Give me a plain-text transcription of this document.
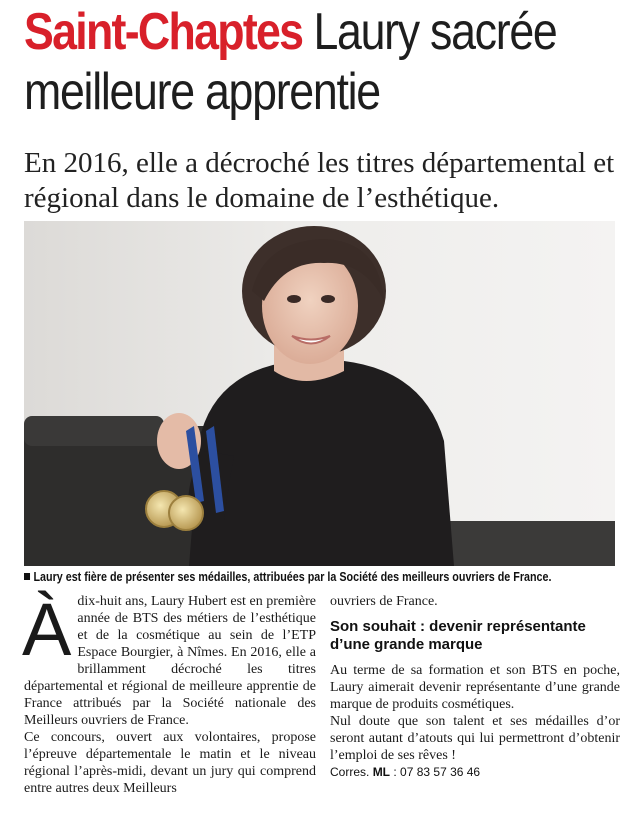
Saint-Chaptes Laury sacrée
meilleure apprentie
En 2016, elle a décroché les titres départemental et régional dans le domaine de l’esthétique.
Laury est fière de présenter ses médailles, attribuées par la Société des meilleurs ouvriers de France.
À dix-huit ans, Laury Hubert est en première année de BTS des métiers de l’esthétique et de la cosmétique au sein de l’ETP Espace Bourgier, à Nîmes. En 2016, elle a brillamment décroché les titres départemental et régional de meilleure apprentie de France attribués par la Société nationale des Meilleurs ouvriers de France.

Ce concours, ouvert aux volontaires, propose l’épreuve départementale le matin et le niveau régional l’après-midi, devant un jury qui comprend entre autres deux Meilleurs

ouvriers de France.

Son souhait : devenir représentante d’une grande marque

Au terme de sa formation et son BTS en poche, Laury aimerait devenir représentante d’une grande marque de produits cosmétiques.

Nul doute que son talent et ses médailles d’or seront autant d’atouts qui lui permettront d’obtenir l’emploi de ses rêves !

Corres. ML : 07 83 57 36 46
